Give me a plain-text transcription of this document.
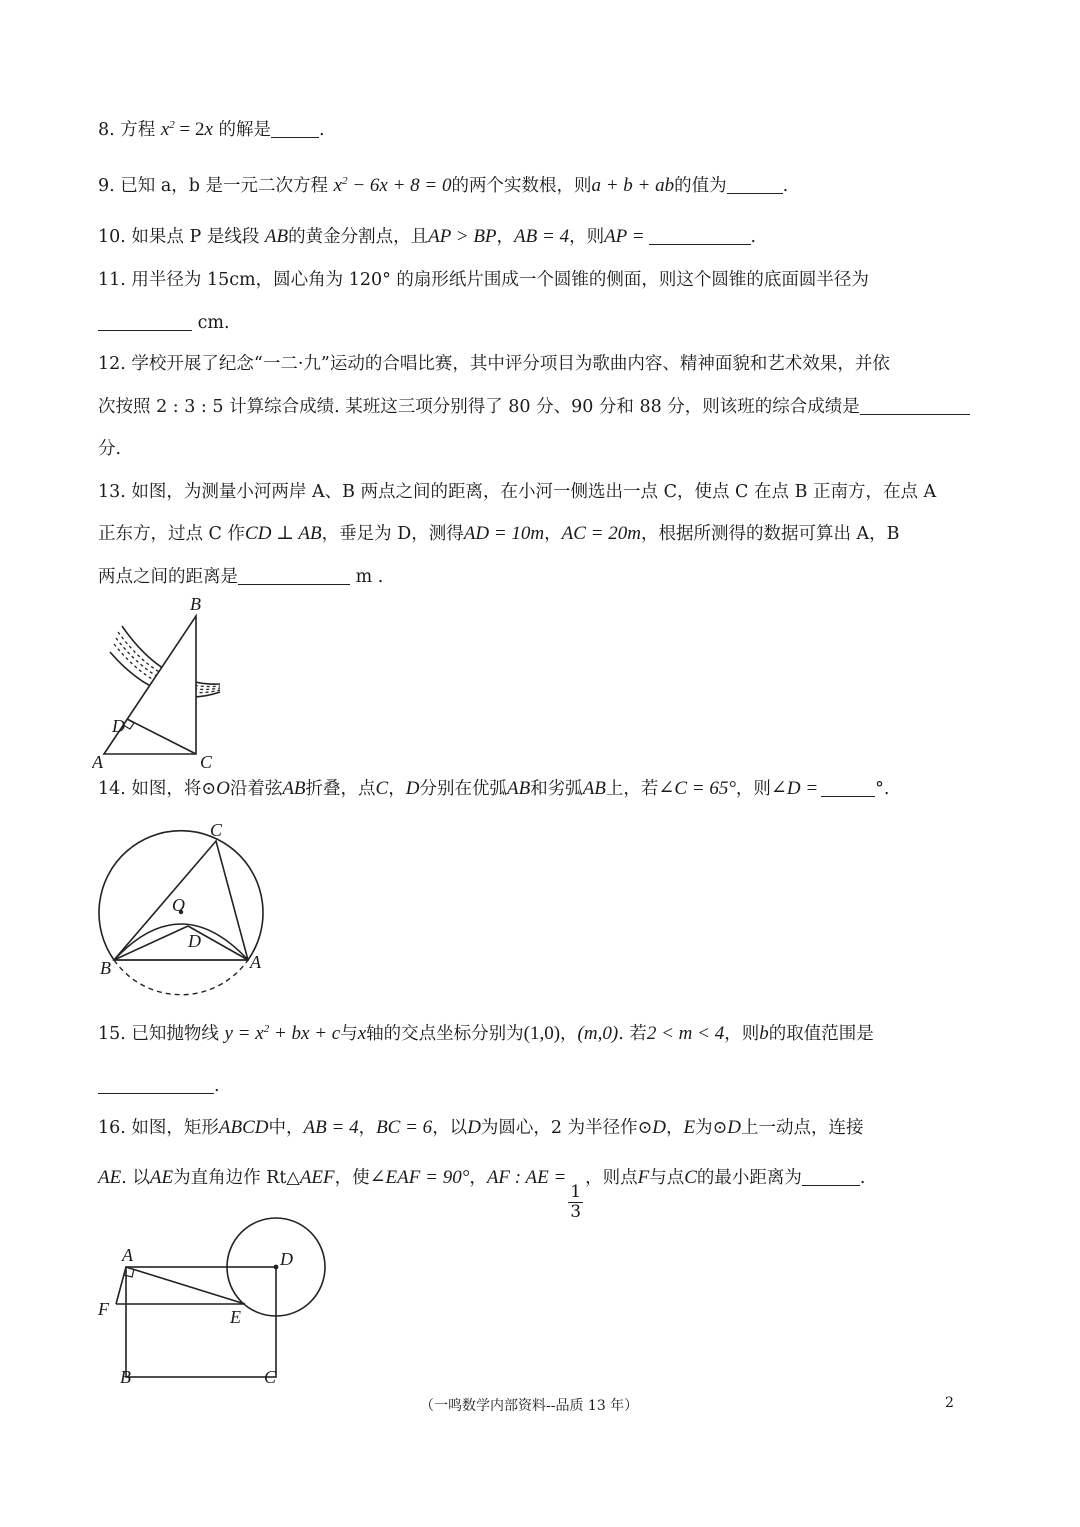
8. 方程 $x^2 = 2x$ 的解是	.
9. 已知 a，b 是一元二次方程 $x^2 - 6x + 8 = 0$的两个实数根，则a + b + ab的值为	.
10. 如果点 P 是线段 AB的黄金分割点，且AP > BP，AB = 4，则AP =	.
11. 用半径为 15cm，圆心角为 120° 的扇形纸片围成一个圆锥的侧面，则这个圆锥的底面圆半径为
cm.
12. 学校开展了纪念“一二·九”运动的合唱比赛，其中评分项目为歌曲内容、精神面貌和艺术效果，并依
次按照 2 : 3 : 5 计算综合成绩. 某班这三项分别得了 80 分、90 分和 88 分，则该班的综合成绩是
分.
13. 如图，为测量小河两岸 A、B 两点之间的距离，在小河一侧选出一点 C，使点 C 在点 B 正南方，在点 A
正东方，过点 C 作CD ⊥ AB，垂足为 D，测得AD = 10m，AC = 20m，根据所测得的数据可算出 A，B
两点之间的距离是	m .
B
D
A	C
14. 如图，将⊙O沿着弦AB折叠，点C，D分别在优弧AB和劣弧AB上，若∠C = 65°，则∠D =	°.
O
C
D
B	A
15. 已知抛物线 $y = x^2$ + bx + c与x轴的交点坐标分别为(1,0)，(m,0). 若2 < m < 4，则b的取值范围是
.
16. 如图，矩形ABCD中，AB = 4，BC = 6，以D为圆心，2 为半径作⊙D，E为⊙D上一动点，连接
AE. 以AE为直角边作 Rt△AEF，使∠EAF = 90°，AF : AE =
$\frac{1}{3}$
，则点F与点C的最小距离为	.
A	D
F	E
B	C
（一鸣数学内部资料--品质 13 年）	2
